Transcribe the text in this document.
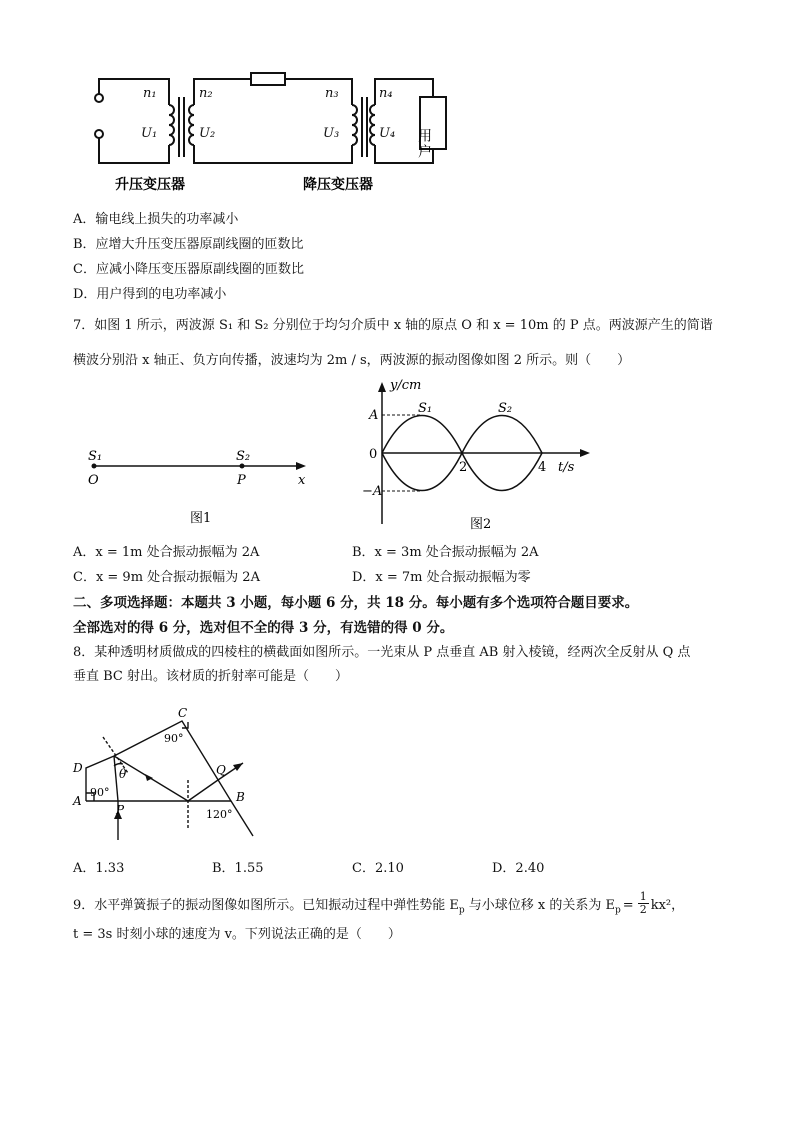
n₁
U₁
n₂
U₂
n₃
U₃
n₄
U₄ 用户
升压变压器	降压变压器
A．输电线上损失的功率减小
B．应增大升压变压器原副线圈的匝数比
C．应减小降压变压器原副线圈的匝数比
D．用户得到的电功率减小
7．如图 1 所示，两波源 S₁ 和 S₂ 分别位于均匀介质中 x 轴的原点 O 和 x = 10m 的 P 点。两波源产生的简谐
横波分别沿 x 轴正、负方向传播，波速均为 2m / s，两波源的振动图像如图 2 所示。则（　　）
S₁	S₂
O	P	x
图1
y/cm
A
−A
t/s
S₁	S₂
0
2	4
图2
A．x = 1m 处合振动振幅为 2A	B．x = 3m 处合振动振幅为 2A
C．x = 9m 处合振动振幅为 2A	D．x = 7m 处合振动振幅为零
二、多项选择题：本题共 3 小题，每小题 6 分，共 18 分。每小题有多个选项符合题目要求。
全部选对的得 6 分，选对但不全的得 3 分，有选错的得 0 分。
8．某种透明材质做成的四棱柱的横截面如图所示。一光束从 P 点垂直 AB 射入棱镜，经两次全反射从 Q 点
垂直 BC 射出。该材质的折射率可能是（　　）
A	B
C
D
P
Q
θ
90°
90°
120°
A．1.33	B．1.55	C．2.10	D．2.40
9．水平弹簧振子的振动图像如图所示。已知振动过程中弹性势能 $E_p$ 与小球位移 x 的关系为 $E_p = \frac{1}{2} kx^2$，
t = 3s 时刻小球的速度为 v。下列说法正确的是（　　）
